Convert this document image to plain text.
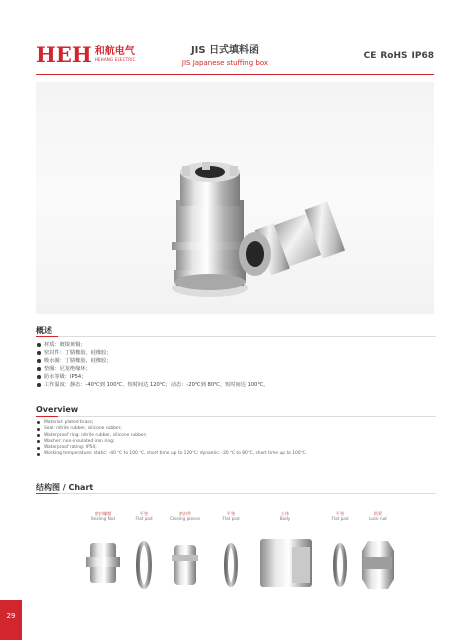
HEH 和航电气
HEHANG ELECTRIC
JIS 日式填料函
JIS Japanese stuffing box
CE RoHS IP68
概述
材质：镀镍黄铜；
密封件：丁腈橡胶、硅橡胶；
吸水圈：丁腈橡胶、硅橡胶；
垫圈：尼龙绝缘环；
防水等级：IP54；
工作温度：静态：-40℃到 100℃，短时间达 120℃；动态：-20℃到 80℃，短时间达 100℃。
Overview
Material: plated brass;
Seal: nitrile rubber, silicone rubber;
Waterproof ring: nitrile rubber, silicone rubber;
Washer: non-insulated iron ring;
Waterproof rating: IP54;
Working temperature: static: -40 ℃ to 100 ℃, short time up to 120℃; dynamic: -20 ℃ to 80℃, short time up to 100℃.
结构图 / Chart
密封螺帽
Sealing Nut
平垫
Flat pad
密封件
Closing pieces
平垫
Flat pad
主体
Body
平垫
Flat pad
锁紧
Lock nut
29
